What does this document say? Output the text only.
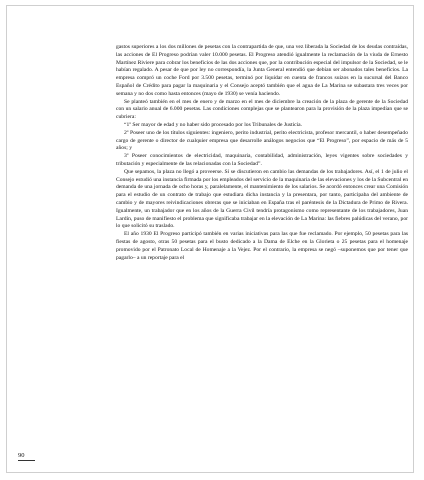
gastos superiores a los dos millones de pesetas con la contrapartida de que, una vez liberada la Sociedad de los deudas contraídas, las acciones de El Progreso podrían valer 10.000 pesetas. El Progreso atendió igualmente la reclamación de la viuda de Ernesto Martínez Riviere para cobrar los beneficios de las dos acciones que, por la contribución especial del impulsor de la Sociedad, se le habían regalado. A pesar de que por ley no correspondía, la Junta General entendió que debían ser abonados tales beneficios. La empresa compró un coche Ford por 3.500 pesetas, terminó por liquidar en cuenta de francos suizos en la sucursal del Banco Español de Crédito para pagar la maquinaria y el Consejo aceptó también que el agua de La Marina se subastara tres veces por semana y no dos como hasta entonces (mayo de 1930) se venía haciendo.

Se planteó también en el mes de enero y de marzo en el mes de diciembre la creación de la plaza de gerente de la Sociedad con un salario anual de 6.000 pesetas. Las condiciones complejas que se plantearon para la provisión de la plaza impedían que se cubriera:

“1º Ser mayor de edad y no haber sido procesado por los Tribunales de Justicia.

2º Poseer uno de los títulos siguientes: ingeniero, perito industrial, perito electricista, profesor mercantil, o haber desempeñado cargo de gerente o director de cualquier empresa que desarrolle análogos negocios que “El Progreso”, por espacio de más de 5 años; y

3º Poseer conocimientos de electricidad, maquinaria, contabilidad, administración, leyes vigentes sobre sociedades y tributación y especialmente de las relacionadas con la Sociedad”.

Que sepamos, la plaza no llegó a proveerse. Sí se discutieron en cambio las demandas de los trabajadores. Así, el 1 de julio el Consejo estudió una instancia firmada por los empleados del servicio de la maquinaria de las elevaciones y los de la Subcentral en demanda de una jornada de ocho horas y, paralelamente, el mantenimiento de los salarios. Se acordó entonces crear una Comisión para el estudio de un contrato de trabajo que estudiara dicha instancia y la presentara, por tanto, participaba del ambiente de cambio y de mayores reivindicaciones obreras que se iniciaban en España tras el paréntesis de la Dictadura de Primo de Rivera. Igualmente, un trabajador que en los años de la Guerra Civil tendría protagonismo como representante de los trabajadores, Juan Lardín, puso de manifiesto el problema que significaba trabajar en la elevación de La Marina: las fiebres palúdicas del verano, por lo que solicitó su traslado.

El año 1930 El Progreso participó también en varias iniciativas para las que fue reclamado. Por ejemplo, 50 pesetas para las fiestas de agosto, otras 50 pesetas para el busto dedicado a la Dama de Elche en la Glorieta o 25 pesetas para el homenaje promovido por el Patronato Local de Homenaje a la Vejez. Por el contrario, la empresa se negó –suponemos que por tener que pagarlo– a un reportaje para el

90
